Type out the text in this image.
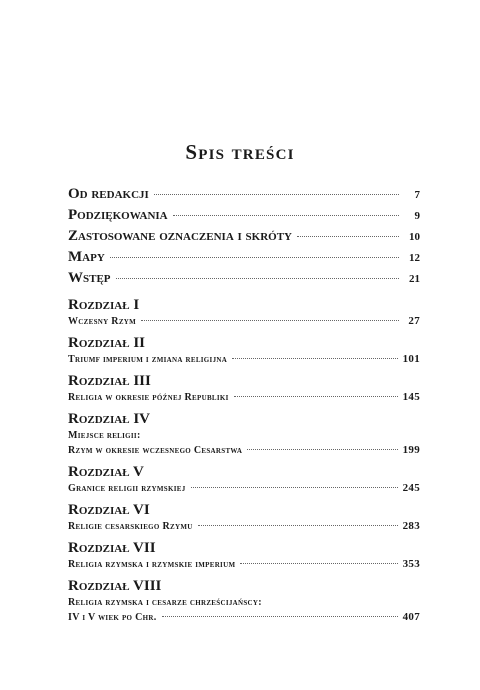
Spis treści
Od redakcji	7
Podziękowania	9
Zastosowane oznaczenia i skróty	10
Mapy	12
Wstęp	21
Rozdział I
Wczesny Rzym	27
Rozdział II
Triumf imperium i zmiana religijna	101
Rozdział III
Religia w okresie późnej Republiki	145
Rozdział IV
Miejsce religii:
Rzym w okresie wczesnego Cesarstwa	199
Rozdział V
Granice religii rzymskiej	245
Rozdział VI
Religie cesarskiego Rzymu	283
Rozdział VII
Religia rzymska i rzymskie imperium	353
Rozdział VIII
Religia rzymska i cesarze chrześcijańscy:
IV i V wiek po Chr.	407
